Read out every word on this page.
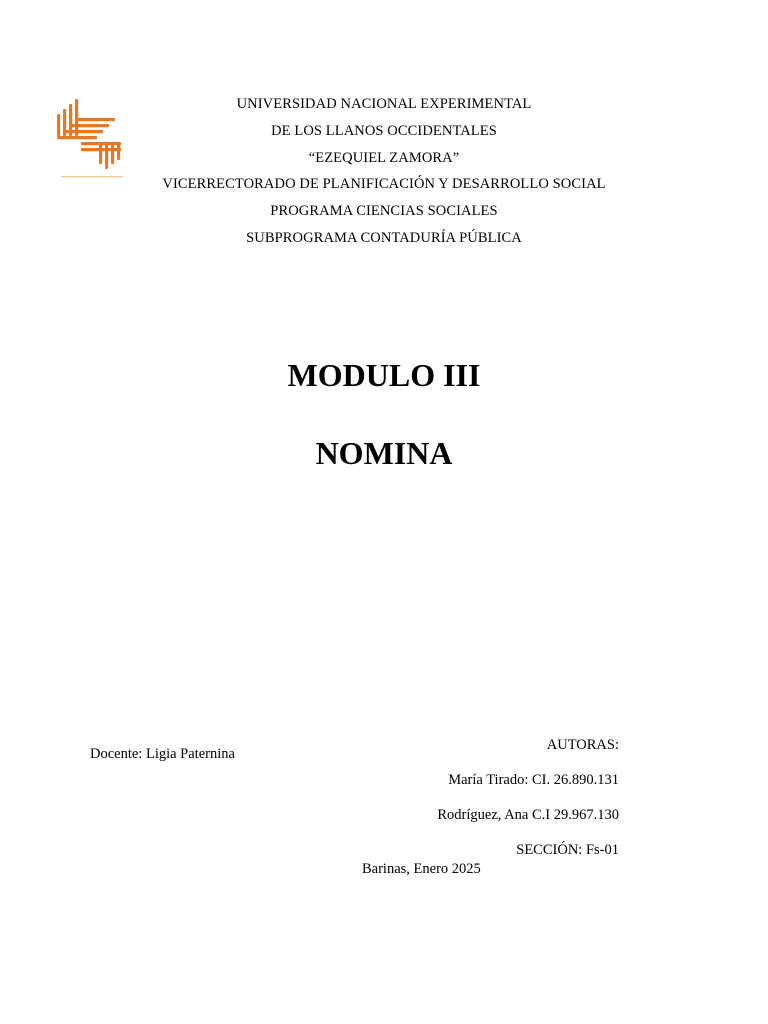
UNIVERSIDAD NACIONAL EXPERIMENTAL
DE LOS LLANOS OCCIDENTALES
“EZEQUIEL ZAMORA”
VICERRECTORADO DE PLANIFICACIÓN Y DESARROLLO SOCIAL
PROGRAMA CIENCIAS SOCIALES
SUBPROGRAMA CONTADURÍA PÚBLICA
MODULO III
NOMINA
Docente: Ligia Paternina
AUTORAS:
María Tirado: CI. 26.890.131
Rodríguez, Ana C.I 29.967.130
SECCIÓN: Fs-01
Barinas, Enero 2025
